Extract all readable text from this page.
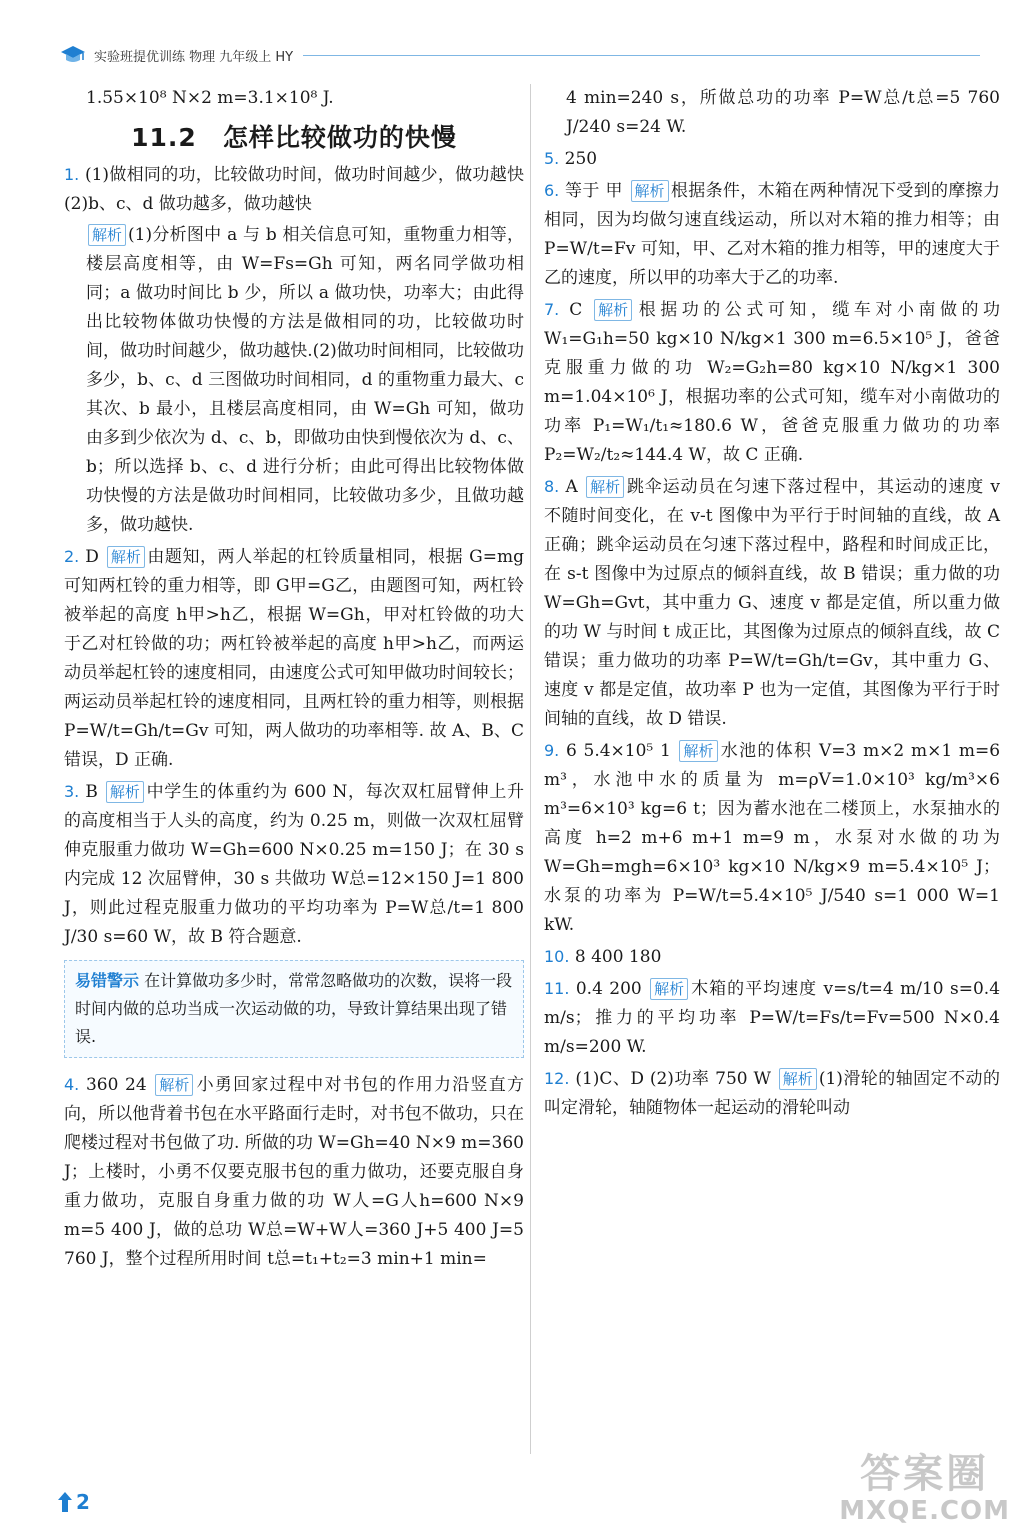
实验班提优训练 物理 九年级上 HY

1.55×10⁸ N×2 m=3.1×10⁸ J.

11.2 怎样比较做功的快慢

1. (1)做相同的功，比较做功时间，做功时间越少，做功越快 (2)b、c、d 做功越多，做功越快

解析 (1)分析图中 a 与 b 相关信息可知，重物重力相等，楼层高度相等，由 W=Fs=Gh 可知，两名同学做功相同；a 做功时间比 b 少，所以 a 做功快，功率大；由此得出比较物体做功快慢的方法是做相同的功，比较做功时间，做功时间越少，做功越快.(2)做功时间相同，比较做功多少，b、c、d 三图做功时间相同，d 的重物重力最大、c 其次、b 最小，且楼层高度相同，由 W=Gh 可知，做功由多到少依次为 d、c、b，即做功由快到慢依次为 d、c、b；所以选择 b、c、d 进行分析；由此可得出比较物体做功快慢的方法是做功时间相同，比较做功多少，且做功越多，做功越快.

2. D 解析 由题知，两人举起的杠铃质量相同，根据 G=mg 可知两杠铃的重力相等，即 G甲=G乙，由题图可知，两杠铃被举起的高度 h甲>h乙，根据 W=Gh，甲对杠铃做的功大于乙对杠铃做的功；两杠铃被举起的高度 h甲>h乙，而两运动员举起杠铃的速度相同，由速度公式可知甲做功时间较长；两运动员举起杠铃的速度相同，且两杠铃的重力相等，则根据 P=W/t=Gh/t=Gv 可知，两人做功的功率相等. 故 A、B、C 错误，D 正确.

3. B 解析 中学生的体重约为 600 N，每次双杠屈臂伸上升的高度相当于人头的高度，约为 0.25 m，则做一次双杠屈臂伸克服重力做功 W=Gh=600 N×0.25 m=150 J；在 30 s 内完成 12 次屈臂伸，30 s 共做功 W总=12×150 J=1 800 J，则此过程克服重力做功的平均功率为 P=W总/t=1 800 J/30 s=60 W，故 B 符合题意.

易错警示 在计算做功多少时，常常忽略做功的次数，误将一段时间内做的总功当成一次运动做的功，导致计算结果出现了错误.

4. 360 24 解析 小勇回家过程中对书包的作用力沿竖直方向，所以他背着书包在水平路面行走时，对书包不做功，只在爬楼过程对书包做了功. 所做的功 W=Gh=40 N×9 m=360 J；上楼时，小勇不仅要克服书包的重力做功，还要克服自身重力做功，克服自身重力做的功 W人=G人h=600 N×9 m=5 400 J，做的总功 W总=W+W人=360 J+5 400 J=5 760 J，整个过程所用时间 t总=t₁+t₂=3 min+1 min=

4 min=240 s，所做总功的功率 P=W总/t总=5 760 J/240 s=24 W.

5. 250

6. 等于 甲 解析 根据条件，木箱在两种情况下受到的摩擦力相同，因为均做匀速直线运动，所以对木箱的推力相等；由 P=W/t=Fv 可知，甲、乙对木箱的推力相等，甲的速度大于乙的速度，所以甲的功率大于乙的功率.

7. C 解析 根据功的公式可知，缆车对小南做的功 W₁=G₁h=50 kg×10 N/kg×1 300 m=6.5×10⁵ J，爸爸克服重力做的功 W₂=G₂h=80 kg×10 N/kg×1 300 m=1.04×10⁶ J，根据功率的公式可知，缆车对小南做功的功率 P₁=W₁/t₁≈180.6 W，爸爸克服重力做功的功率 P₂=W₂/t₂≈144.4 W，故 C 正确.

8. A 解析 跳伞运动员在匀速下落过程中，其运动的速度 v 不随时间变化，在 v-t 图像中为平行于时间轴的直线，故 A 正确；跳伞运动员在匀速下落过程中，路程和时间成正比，在 s-t 图像中为过原点的倾斜直线，故 B 错误；重力做的功 W=Gh=Gvt，其中重力 G、速度 v 都是定值，所以重力做的功 W 与时间 t 成正比，其图像为过原点的倾斜直线，故 C 错误；重力做功的功率 P=W/t=Gh/t=Gv，其中重力 G、速度 v 都是定值，故功率 P 也为一定值，其图像为平行于时间轴的直线，故 D 错误.

9. 6 5.4×10⁵ 1 解析 水池的体积 V=3 m×2 m×1 m=6 m³，水池中水的质量为 m=ρV=1.0×10³ kg/m³×6 m³=6×10³ kg=6 t；因为蓄水池在二楼顶上，水泵抽水的高度 h=2 m+6 m+1 m=9 m，水泵对水做的功为 W=Gh=mgh=6×10³ kg×10 N/kg×9 m=5.4×10⁵ J；水泵的功率为 P=W/t=5.4×10⁵ J/540 s=1 000 W=1 kW.

10. 8 400 180

11. 0.4 200 解析 木箱的平均速度 v=s/t=4 m/10 s=0.4 m/s；推力的平均功率 P=W/t=Fs/t=Fv=500 N×0.4 m/s=200 W.

12. (1)C、D (2)功率 750 W 解析 (1)滑轮的轴固定不动的叫定滑轮，轴随物体一起运动的滑轮叫动

2
答案圈
MXQE.COM
